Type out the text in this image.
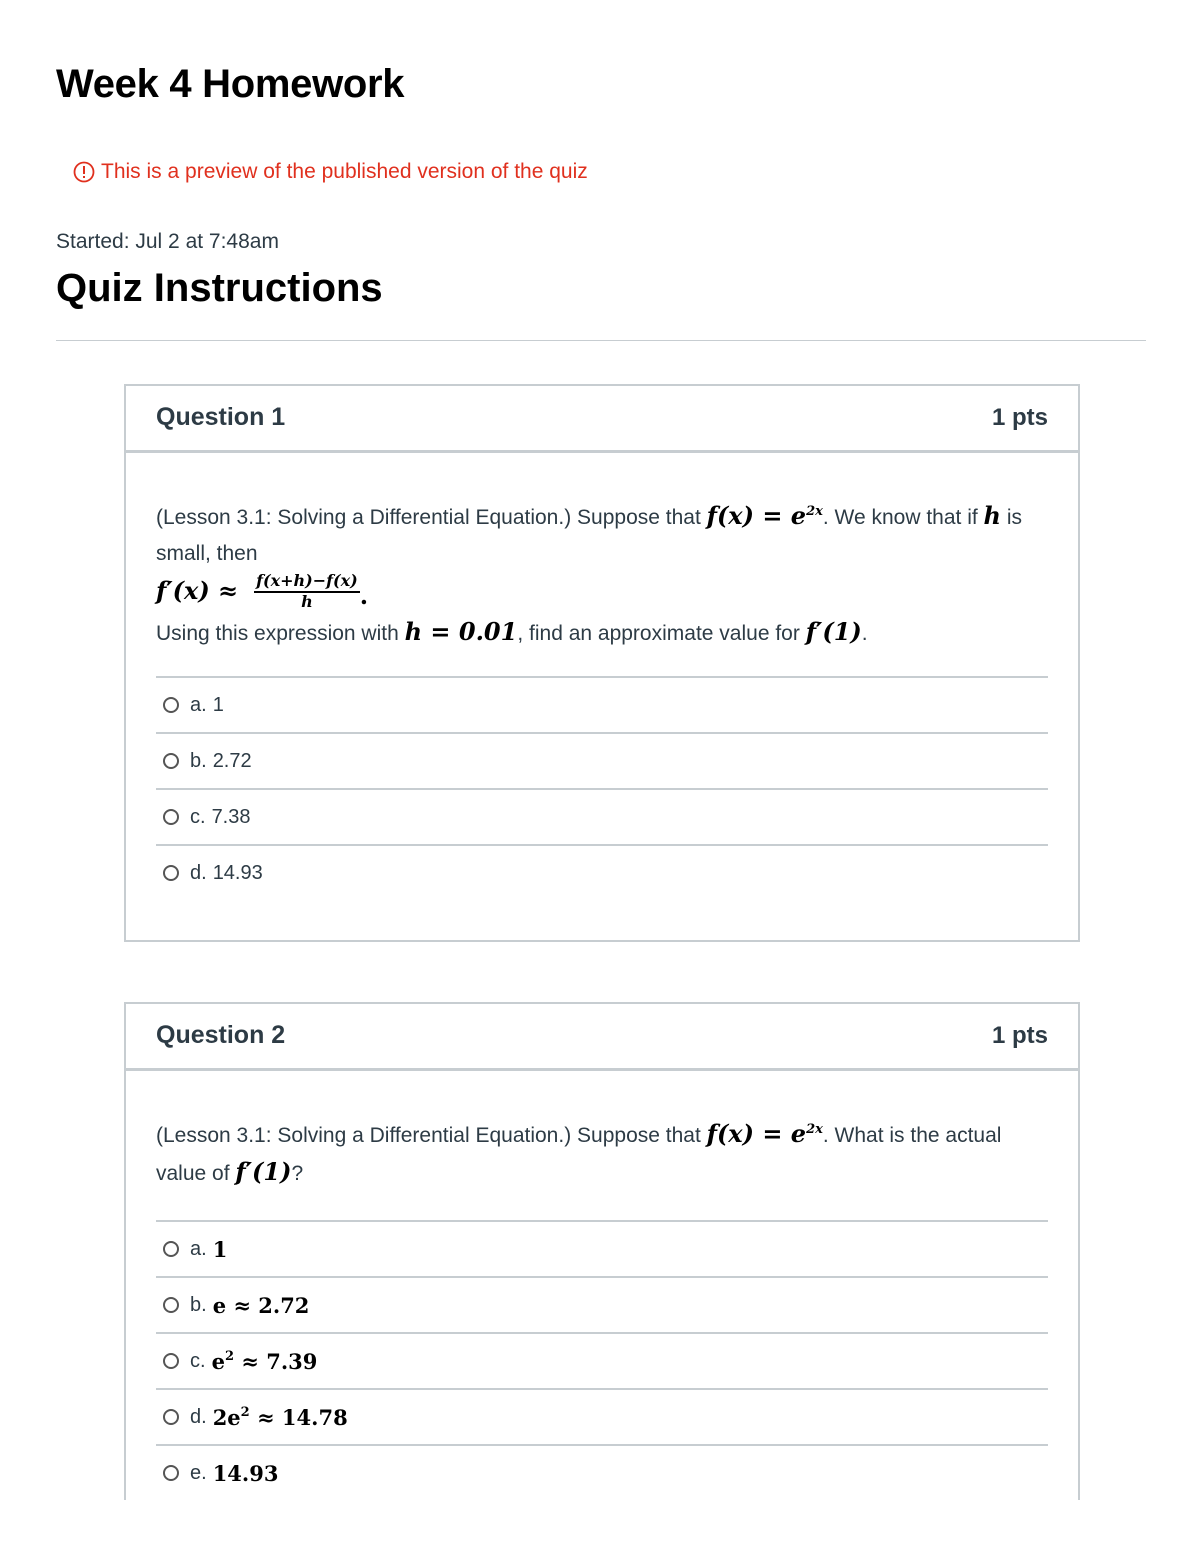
Week 4 Homework
This is a preview of the published version of the quiz
Started: Jul 2 at 7:48am
Quiz Instructions
Question 1	1 pts
(Lesson 3.1: Solving a Differential Equation.) Suppose that $f(x) = e^{2x}$. We know that if h is small, then
$f'(x) \approx \frac{f(x+h)-f(x)}{h}$ .
Using this expression with h = 0.01, find an approximate value for f′(1).
a. 1
b. 2.72
c. 7.38
d. 14.93
Question 2	1 pts
(Lesson 3.1: Solving a Differential Equation.) Suppose that $f(x) = e^{2x}$. What is the actual value of f′(1)?
a. 1
b. e ≈ 2.72
c. $e^2 \approx 7.39$
d. $2e^2 \approx 14.78$
e. 14.93
